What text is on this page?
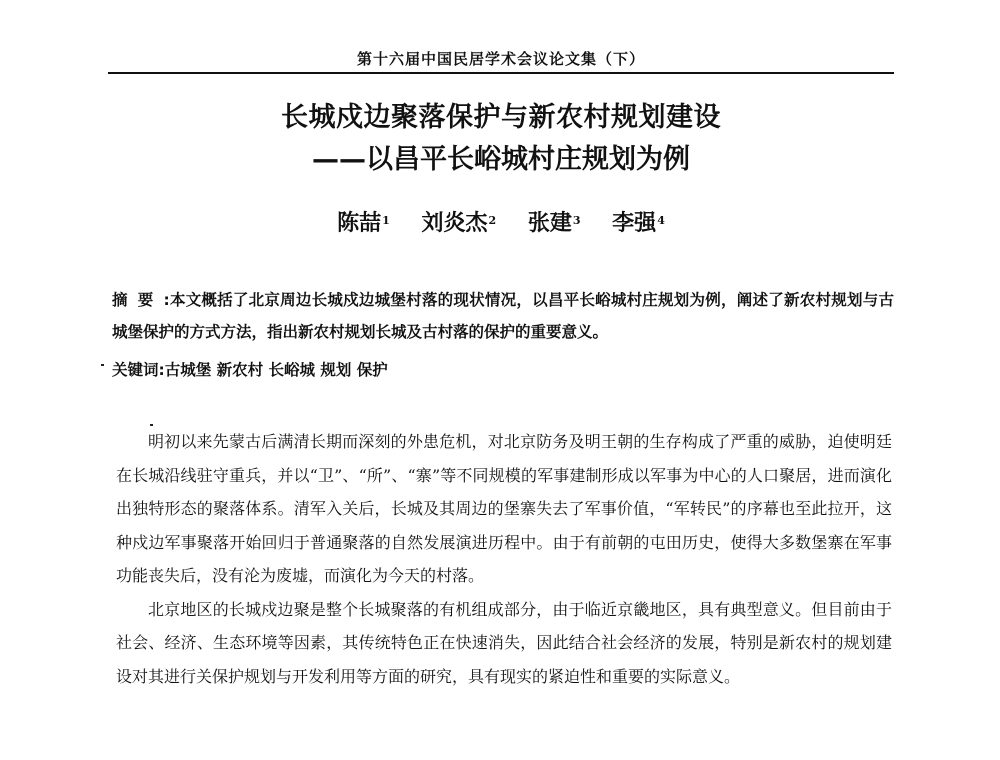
第十六届中国民居学术会议论文集（下）
长城戍边聚落保护与新农村规划建设
——以昌平长峪城村庄规划为例
陈喆$^1$ 刘炎杰$^2$ 张建$^3$ 李强$^4$
摘要:本文概括了北京周边长城戍边城堡村落的现状情况，以昌平长峪城村庄规划为例，阐述了新农村规划与古城堡保护的方式方法，指出新农村规划长城及古村落的保护的重要意义。
关键词:古城堡 新农村 长峪城 规划 保护

明初以来先蒙古后满清长期而深刻的外患危机，对北京防务及明王朝的生存构成了严重的威胁，迫使明廷在长城沿线驻守重兵，并以“卫”、“所”、“寨”等不同规模的军事建制形成以军事为中心的人口聚居，进而演化出独特形态的聚落体系。清军入关后，长城及其周边的堡寨失去了军事价值，“军转民”的序幕也至此拉开，这种戍边军事聚落开始回归于普通聚落的自然发展演进历程中。由于有前朝的屯田历史，使得大多数堡寨在军事功能丧失后，没有沦为废墟，而演化为今天的村落。

北京地区的长城戍边聚是整个长城聚落的有机组成部分，由于临近京畿地区，具有典型意义。但目前由于社会、经济、生态环境等因素，其传统特色正在快速消失，因此结合社会经济的发展，特别是新农村的规划建设对其进行关保护规划与开发利用等方面的研究，具有现实的紧迫性和重要的实际意义。
